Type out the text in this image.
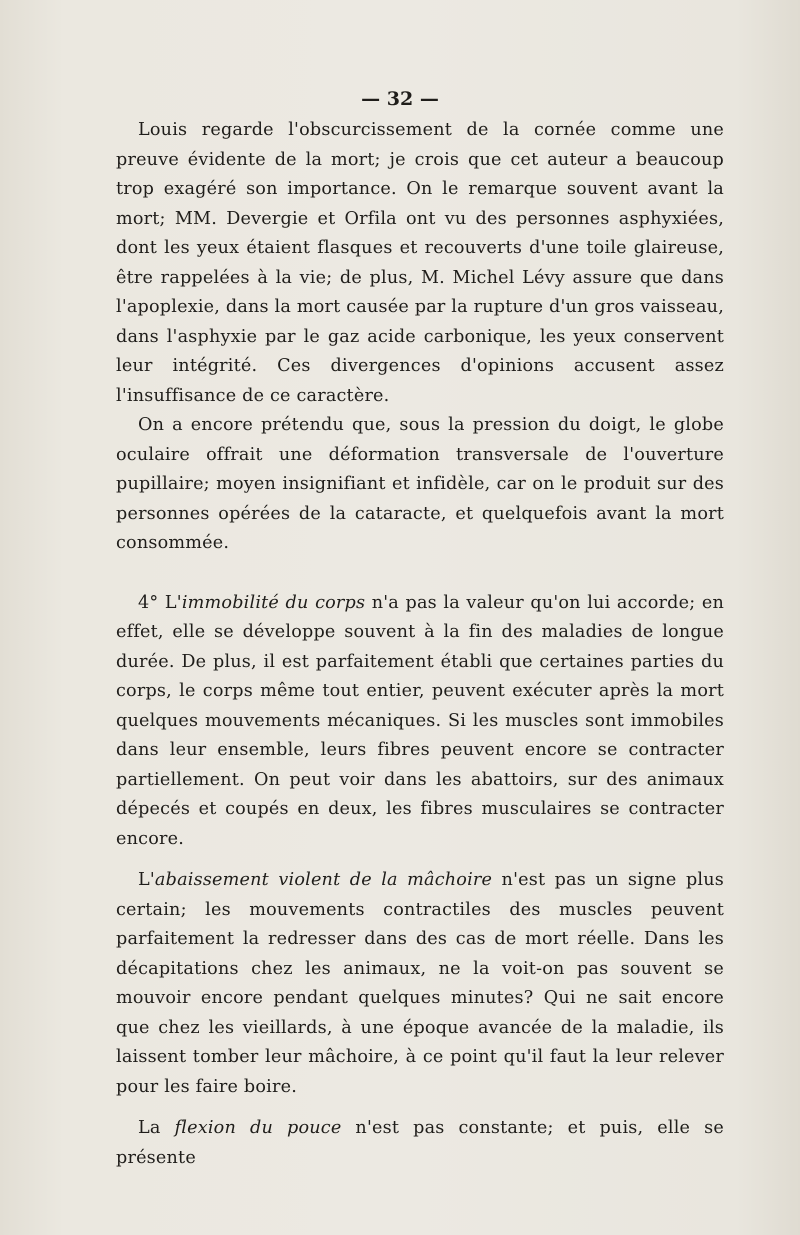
— 32 —

Louis regarde l'obscurcissement de la cornée comme une preuve évidente de la mort; je crois que cet auteur a beaucoup trop exagéré son importance. On le remarque souvent avant la mort; MM. Devergie et Orfila ont vu des personnes asphyxiées, dont les yeux étaient flasques et recouverts d'une toile glaireuse, être rappelées à la vie; de plus, M. Michel Lévy assure que dans l'apoplexie, dans la mort causée par la rupture d'un gros vaisseau, dans l'asphyxie par le gaz acide carbonique, les yeux conservent leur intégrité. Ces divergences d'opinions accusent assez l'insuffisance de ce caractère.

On a encore prétendu que, sous la pression du doigt, le globe oculaire offrait une déformation transversale de l'ouverture pupillaire; moyen insignifiant et infidèle, car on le produit sur des personnes opérées de la cataracte, et quelquefois avant la mort consommée.

4° L'immobilité du corps n'a pas la valeur qu'on lui accorde; en effet, elle se développe souvent à la fin des maladies de longue durée. De plus, il est parfaitement établi que certaines parties du corps, le corps même tout entier, peuvent exécuter après la mort quelques mouvements mécaniques. Si les muscles sont immobiles dans leur ensemble, leurs fibres peuvent encore se contracter partiellement. On peut voir dans les abattoirs, sur des animaux dépecés et coupés en deux, les fibres musculaires se contracter encore.

L'abaissement violent de la mâchoire n'est pas un signe plus certain; les mouvements contractiles des muscles peuvent parfaitement la redresser dans des cas de mort réelle. Dans les décapitations chez les animaux, ne la voit-on pas souvent se mouvoir encore pendant quelques minutes? Qui ne sait encore que chez les vieillards, à une époque avancée de la maladie, ils laissent tomber leur mâchoire, à ce point qu'il faut la leur relever pour les faire boire.

La flexion du pouce n'est pas constante; et puis, elle se présente
